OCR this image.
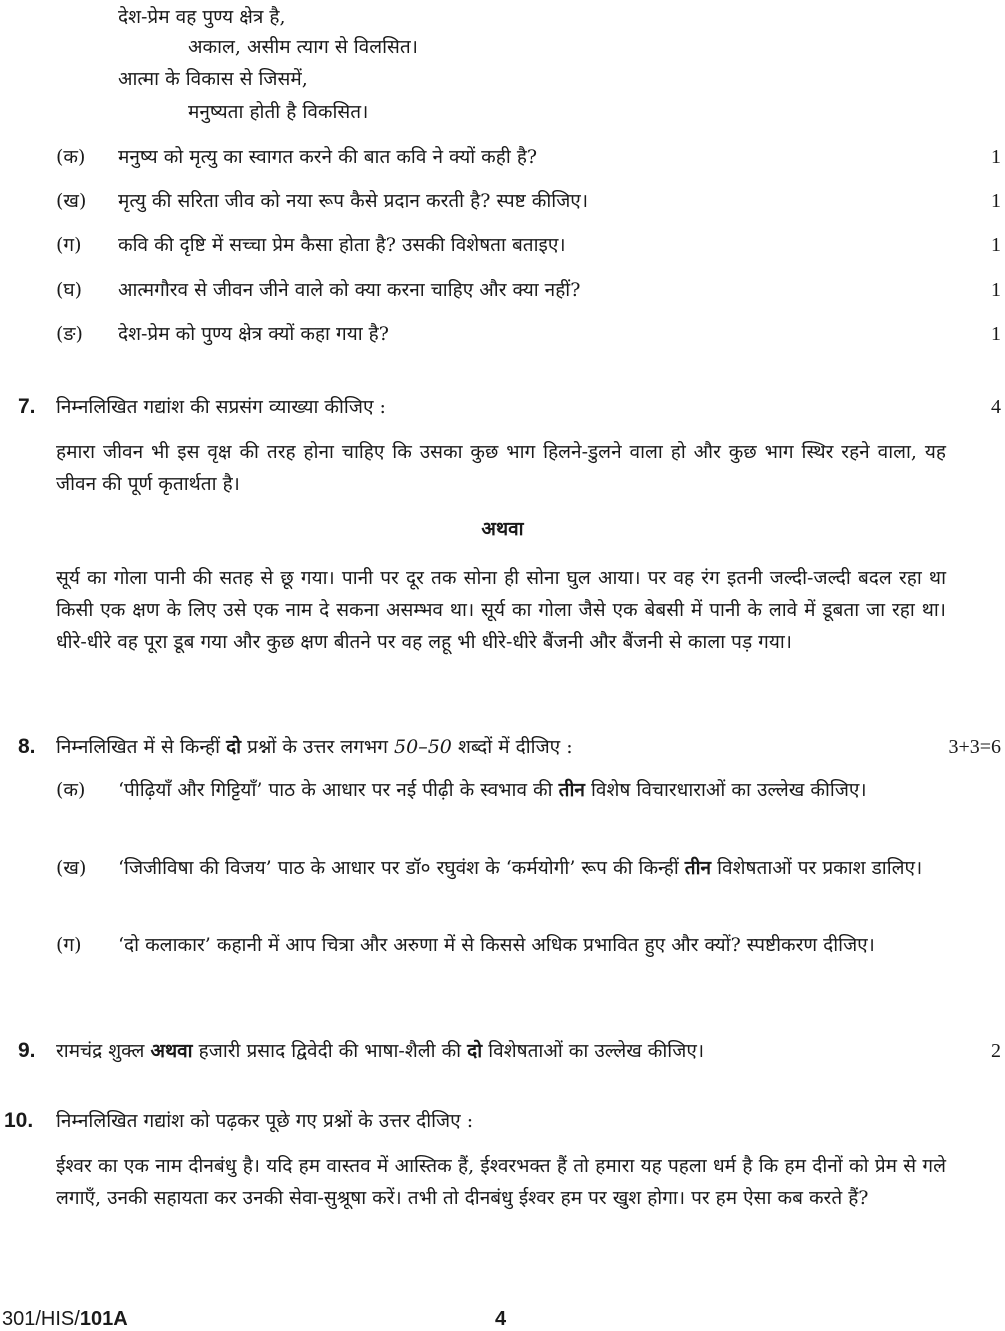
देश-प्रेम वह पुण्य क्षेत्र है,
अकाल, असीम त्याग से विलसित।
आत्मा के विकास से जिसमें,
मनुष्यता होती है विकसित।
(क) मनुष्य को मृत्यु का स्वागत करने की बात कवि ने क्यों कही है?	1
(ख) मृत्यु की सरिता जीव को नया रूप कैसे प्रदान करती है? स्पष्ट कीजिए।	1
(ग) कवि की दृष्टि में सच्चा प्रेम कैसा होता है? उसकी विशेषता बताइए।	1
(घ) आत्मगौरव से जीवन जीने वाले को क्या करना चाहिए और क्या नहीं?	1
(ङ) देश-प्रेम को पुण्य क्षेत्र क्यों कहा गया है?	1
7. निम्नलिखित गद्यांश की सप्रसंग व्याख्या कीजिए :	4
हमारा जीवन भी इस वृक्ष की तरह होना चाहिए कि उसका कुछ भाग हिलने-डुलने वाला हो और कुछ भाग स्थिर रहने वाला, यह जीवन की पूर्ण कृतार्थता है।
अथवा
सूर्य का गोला पानी की सतह से छू गया। पानी पर दूर तक सोना ही सोना घुल आया। पर वह रंग इतनी जल्दी-जल्दी बदल रहा था किसी एक क्षण के लिए उसे एक नाम दे सकना असम्भव था। सूर्य का गोला जैसे एक बेबसी में पानी के लावे में डूबता जा रहा था। धीरे-धीरे वह पूरा डूब गया और कुछ क्षण बीतने पर वह लहू भी धीरे-धीरे बैंजनी और बैंजनी से काला पड़ गया।
8. निम्नलिखित में से किन्हीं दो प्रश्नों के उत्तर लगभग 50–50 शब्दों में दीजिए :	3+3=6
(क) ‘पीढ़ियाँ और गिट्टियाँ’ पाठ के आधार पर नई पीढ़ी के स्वभाव की तीन विशेष विचारधाराओं का उल्लेख कीजिए।
(ख) ‘जिजीविषा की विजय’ पाठ के आधार पर डॉ० रघुवंश के ‘कर्मयोगी’ रूप की किन्हीं तीन विशेषताओं पर प्रकाश डालिए।
(ग) ‘दो कलाकार’ कहानी में आप चित्रा और अरुणा में से किससे अधिक प्रभावित हुए और क्यों? स्पष्टीकरण दीजिए।
9. रामचंद्र शुक्ल अथवा हजारी प्रसाद द्विवेदी की भाषा-शैली की दो विशेषताओं का उल्लेख कीजिए।	2
10. निम्नलिखित गद्यांश को पढ़कर पूछे गए प्रश्नों के उत्तर दीजिए :
ईश्वर का एक नाम दीनबंधु है। यदि हम वास्तव में आस्तिक हैं, ईश्वरभक्त हैं तो हमारा यह पहला धर्म है कि हम दीनों को प्रेम से गले लगाएँ, उनकी सहायता कर उनकी सेवा-सुश्रूषा करें। तभी तो दीनबंधु ईश्वर हम पर खुश होगा। पर हम ऐसा कब करते हैं?
301/HIS/101A	4
